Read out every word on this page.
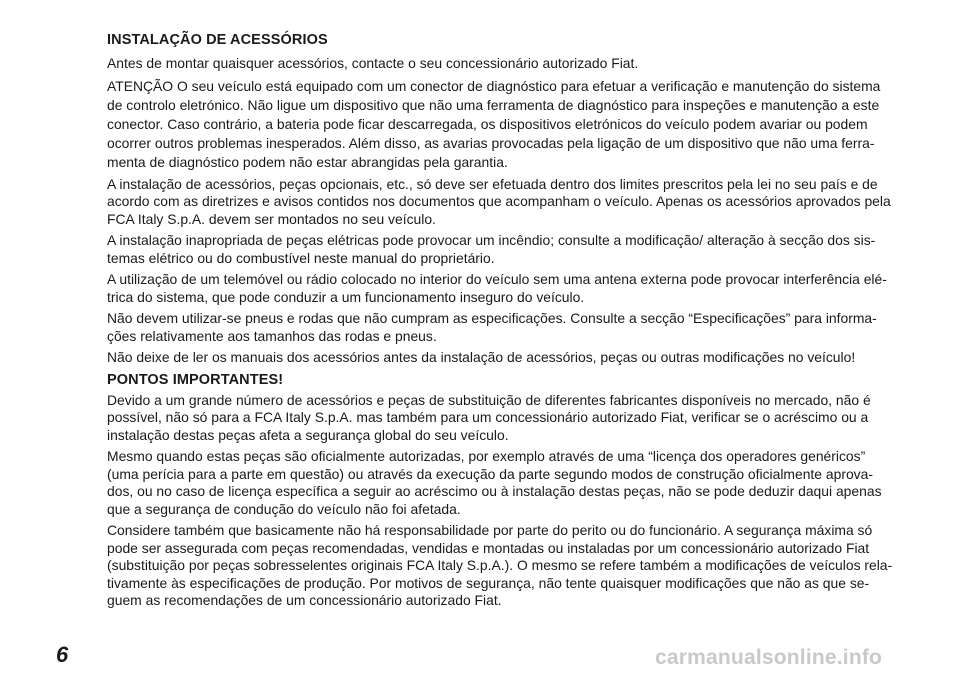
INSTALAÇÃO DE ACESSÓRIOS

Antes de montar quaisquer acessórios, contacte o seu concessionário autorizado Fiat.

ATENÇÃO O seu veículo está equipado com um conector de diagnóstico para efetuar a verificação e manutenção do sistema de controlo eletrónico. Não ligue um dispositivo que não uma ferramenta de diagnóstico para inspeções e manutenção a este conector. Caso contrário, a bateria pode ficar descarregada, os dispositivos eletrónicos do veículo podem avariar ou podem ocorrer outros problemas inesperados. Além disso, as avarias provocadas pela ligação de um dispositivo que não uma ferra-menta de diagnóstico podem não estar abrangidas pela garantia.

A instalação de acessórios, peças opcionais, etc., só deve ser efetuada dentro dos limites prescritos pela lei no seu país e de acordo com as diretrizes e avisos contidos nos documentos que acompanham o veículo. Apenas os acessórios aprovados pela FCA Italy S.p.A. devem ser montados no seu veículo.

A instalação inapropriada de peças elétricas pode provocar um incêndio; consulte a modificação/ alteração à secção dos sis-temas elétrico ou do combustível neste manual do proprietário.

A utilização de um telemóvel ou rádio colocado no interior do veículo sem uma antena externa pode provocar interferência elé-trica do sistema, que pode conduzir a um funcionamento inseguro do veículo.

Não devem utilizar-se pneus e rodas que não cumpram as especificações. Consulte a secção “Especificações” para informa-ções relativamente aos tamanhos das rodas e pneus.

Não deixe de ler os manuais dos acessórios antes da instalação de acessórios, peças ou outras modificações no veículo!

PONTOS IMPORTANTES!

Devido a um grande número de acessórios e peças de substituição de diferentes fabricantes disponíveis no mercado, não é possível, não só para a FCA Italy S.p.A. mas também para um concessionário autorizado Fiat, verificar se o acréscimo ou a instalação destas peças afeta a segurança global do seu veículo.

Mesmo quando estas peças são oficialmente autorizadas, por exemplo através de uma “licença dos operadores genéricos” (uma perícia para a parte em questão) ou através da execução da parte segundo modos de construção oficialmente aprova-dos, ou no caso de licença específica a seguir ao acréscimo ou à instalação destas peças, não se pode deduzir daqui apenas que a segurança de condução do veículo não foi afetada.

Considere também que basicamente não há responsabilidade por parte do perito ou do funcionário. A segurança máxima só pode ser assegurada com peças recomendadas, vendidas e montadas ou instaladas por um concessionário autorizado Fiat (substituição por peças sobresselentes originais FCA Italy S.p.A.). O mesmo se refere também a modificações de veículos rela-tivamente às especificações de produção. Por motivos de segurança, não tente quaisquer modificações que não as que se-guem as recomendações de um concessionário autorizado Fiat.

6	carmanualsonline.info
